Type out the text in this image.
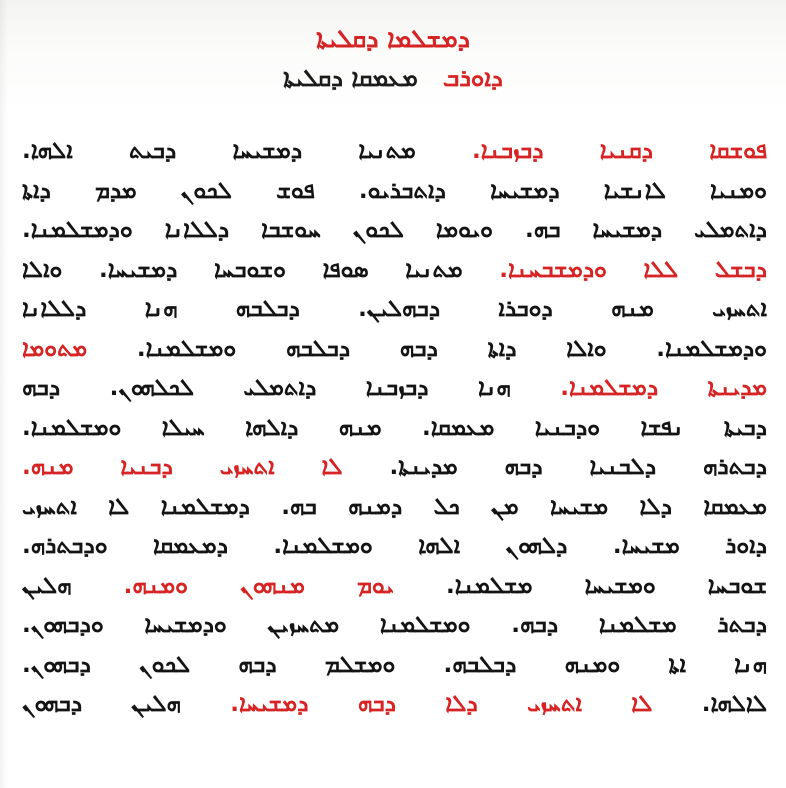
ܕܡܫܠܡܐ ܕܩܠܝܬܐ
ܕܐܘܪܒ   ܡܥܡܩܐ ܕܩܠܝܬܐ
ܦܘܫܩܐ ܕܩܢܝܐ ܕܒܙܒܢܐ. ܡܬܢܝܐ ܕܡܫܝܚܐ ܕܒܝܬ ܐܠܗܐ.
ܘܡܢܝܐ ܠܐܢܫܝܐ ܕܡܫܝܚܐ ܕܐܬܒܪܝܘ. ܦܘܫ ܠܟܘܢ ܡܕܡ ܕܐܬܐ
ܕܐܬܡܠܝ ܕܡܫܝܚܐ ܒܗ. ܘܝܘܡܐ ܠܟܘܢ ܚܘܫܒܐ ܕܠܠܐܢܐ ܘܕܡܫܠܡܢܐ.
ܕܒܫܠ ܠܠܐ ܘܕܡܫܒܚܢܐ. ܡܬܢܝܐ ܣܘܦܐ ܘܫܘܒܚܐ ܕܡܫܝܚܐ. ܘܐܠܐ
ܐܬܚܙܝ ܡܢܗ ܕܘܒܪܐ ܕܒܗܠܝܢ. ܕܒܠܒܗ ܗܢܐ ܕܠܠܐܢܐ
ܘܕܡܫܠܡܢܐ. ܘܐܠܐ ܕܐܬܐ ܕܒܗ ܕܒܠܒܗ ܘܡܫܠܡܢܐ. ܡܬܘܡܐ
ܡܕܝܢܬܐ ܕܡܫܠܡܢܐ. ܗܢܐ ܕܒܙܒܢܐ ܕܐܬܡܠܝ ܠܟܠܗܘܢ. ܕܒܗ
ܕܒܝܬܐ ܢܦܫܐ ܘܕܒܢܝܐ ܡܥܡܩܐ. ܡܢܗ ܕܐܠܗܐ ܚܝܠܐ ܘܡܫܠܡܢܐ.
ܕܒܬܪܗ ܕܠܒܢܝܐ ܕܒܗ ܡܕܝܢܬܐ. ܠܐ ܐܬܚܙܝ ܕܒܢܝܐ ܡܢܗ.
ܡܥܡܩܐ ܕܠܐ ܡܫܝܚܐ ܡܢ ܟܠ ܕܡܢܗ ܒܗ. ܕܡܫܠܡܢܐ ܠܐ ܐܬܚܙܝ
ܕܐܘܪ ܡܫܝܚܐ. ܕܠܗܘܢ ܐܠܗܐ ܘܡܫܠܡܢܐ. ܕܡܥܡܩܐ ܘܕܒܬܪܗ.
ܫܘܒܚܐ ܘܡܫܝܚܐ ܡܫܠܡܢܐ. ܝܘܡ ܡܢܗܘܢ ܘܡܢܗ. ܗܠܝܢ
ܕܒܬܪ ܡܫܠܡܢܐ ܕܒܗ. ܘܡܫܠܡܢܐ ܡܬܚܙܝܢ ܘܕܡܫܝܚܐ ܘܕܒܗܘܢ.
ܗܢܐ ܐܬܐ ܘܡܢܗ ܕܒܠܒܗ. ܘܡܫܠܡ ܕܒܗ ܠܟܘܢ ܕܒܗܘܢ.
ܠܐܠܗܐ. ܠܐ ܐܬܚܙܝ ܕܠܐ ܕܒܗ ܕܡܫܝܚܐ. ܗܠܝܢ ܕܒܗܘܢ
